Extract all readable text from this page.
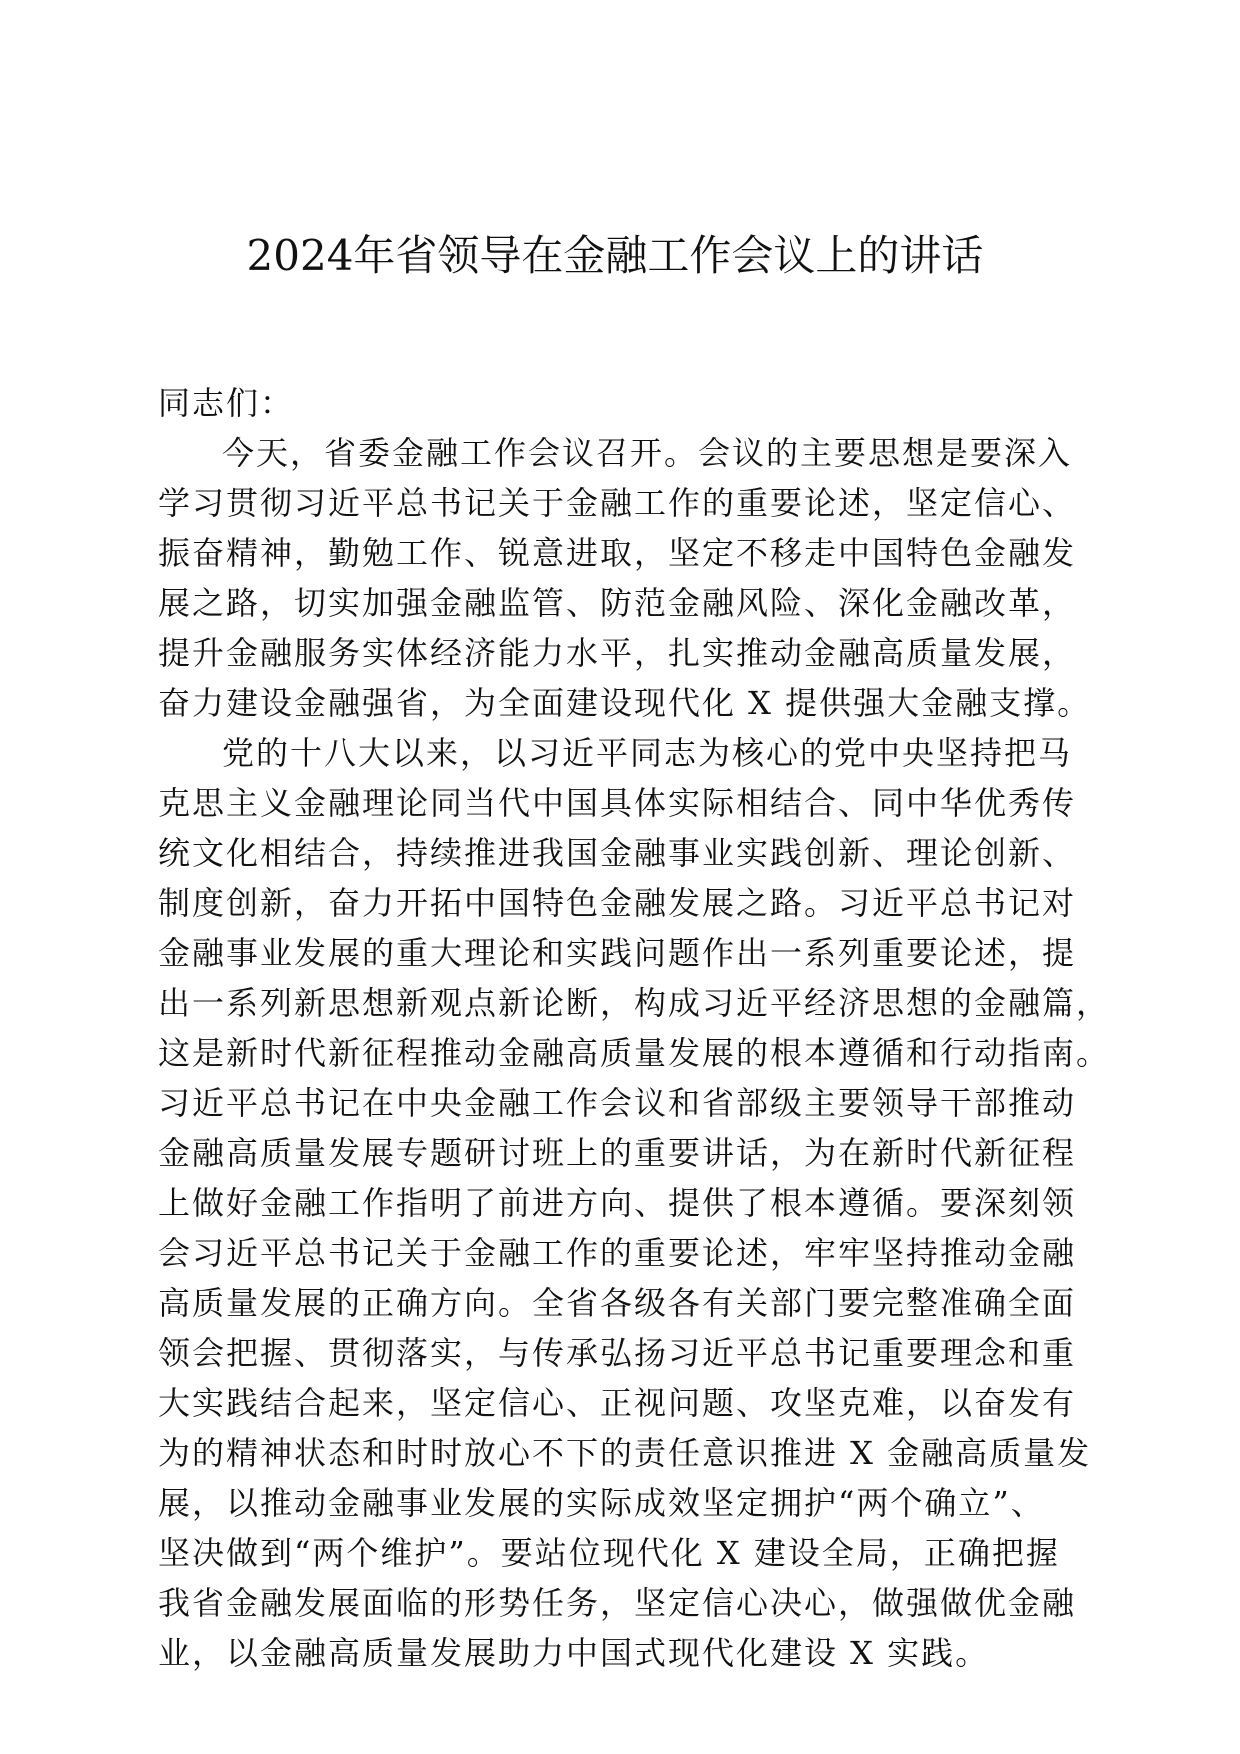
2024年省领导在金融工作会议上的讲话

同志们：

今天，省委金融工作会议召开。会议的主要思想是要深入
学习贯彻习近平总书记关于金融工作的重要论述，坚定信心、
振奋精神，勤勉工作、锐意进取，坚定不移走中国特色金融发
展之路，切实加强金融监管、防范金融风险、深化金融改革，
提升金融服务实体经济能力水平，扎实推动金融高质量发展，
奋力建设金融强省，为全面建设现代化 X 提供强大金融支撑。
党的十八大以来，以习近平同志为核心的党中央坚持把马
克思主义金融理论同当代中国具体实际相结合、同中华优秀传
统文化相结合，持续推进我国金融事业实践创新、理论创新、
制度创新，奋力开拓中国特色金融发展之路。习近平总书记对
金融事业发展的重大理论和实践问题作出一系列重要论述，提
出一系列新思想新观点新论断，构成习近平经济思想的金融篇，
这是新时代新征程推动金融高质量发展的根本遵循和行动指南。
习近平总书记在中央金融工作会议和省部级主要领导干部推动
金融高质量发展专题研讨班上的重要讲话，为在新时代新征程
上做好金融工作指明了前进方向、提供了根本遵循。要深刻领
会习近平总书记关于金融工作的重要论述，牢牢坚持推动金融
高质量发展的正确方向。全省各级各有关部门要完整准确全面
领会把握、贯彻落实，与传承弘扬习近平总书记重要理念和重
大实践结合起来，坚定信心、正视问题、攻坚克难，以奋发有
为的精神状态和时时放心不下的责任意识推进 X 金融高质量发
展，以推动金融事业发展的实际成效坚定拥护“两个确立”、
坚决做到“两个维护”。要站位现代化 X 建设全局，正确把握
我省金融发展面临的形势任务，坚定信心决心，做强做优金融
业，以金融高质量发展助力中国式现代化建设 X 实践。
